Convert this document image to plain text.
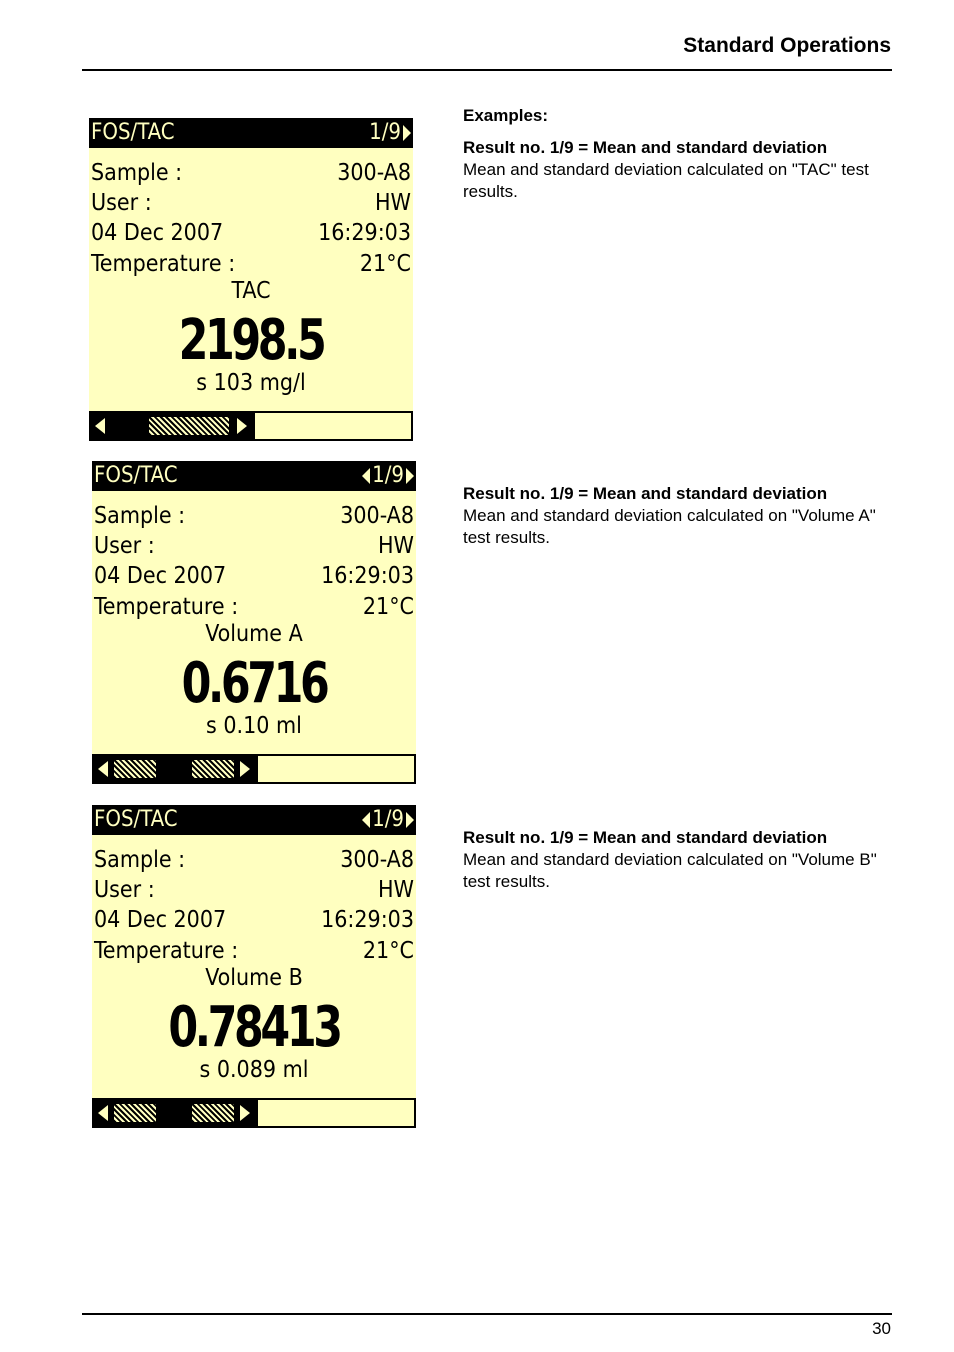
Standard Operations
FOS/TAC	1/9
Sample :	300-A8
User :	HW
04 Dec 2007	16:29:03
Temperature :	21°C
TAC
2198.5
s 103 mg/l
FOS/TAC	1/9
Sample :	300-A8
User :	HW
04 Dec 2007	16:29:03
Temperature :	21°C
Volume A
0.6716
s 0.10 ml
FOS/TAC	1/9
Sample :	300-A8
User :	HW
04 Dec 2007	16:29:03
Temperature :	21°C
Volume B
0.78413
s 0.089 ml

Examples:

Result no. 1/9 = Mean and standard deviation

Mean and standard deviation calculated on "TAC" test results.

Result no. 1/9 = Mean and standard deviation

Mean and standard deviation calculated on "Volume A" test results.

Result no. 1/9 = Mean and standard deviation

Mean and standard deviation calculated on "Volume B" test results.

30
